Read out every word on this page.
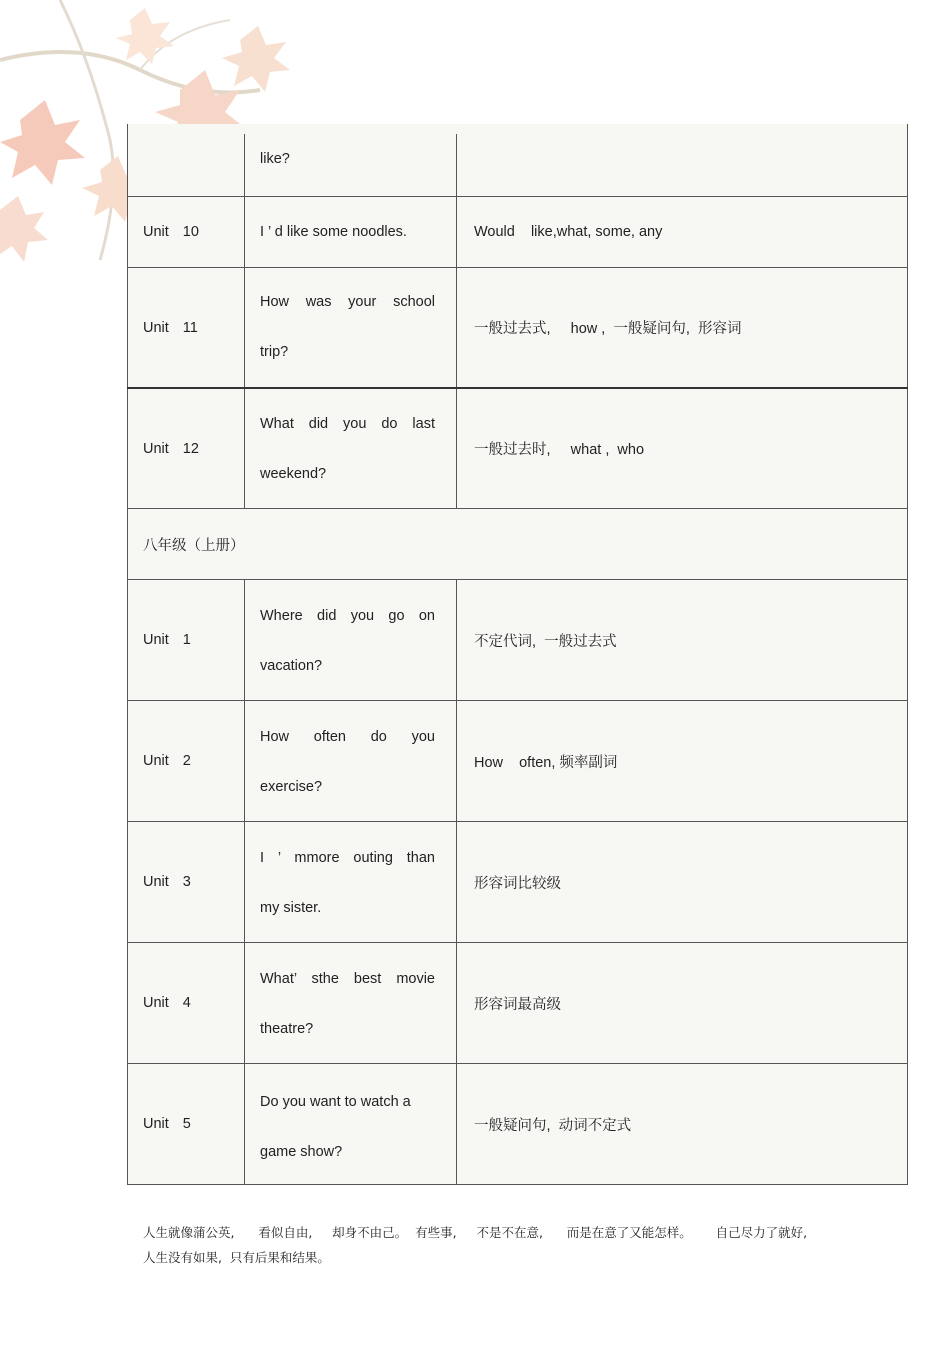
like?
Unit 10	I ’ d like some noodles.	Would    like,what, some, any
Unit 11
How was your school
trip?
一般过去式,     how ,  一般疑问句,  形容词
Unit 12
What did you do last
weekend?
一般过去时,     what ,  who
八年级（上册）
Unit 1
Where did you go on
vacation?
不定代词,  一般过去式
Unit 2
How often do you
exercise?
How    often, 频率副词
Unit 3
I ’ mmore outing than
my sister.
形容词比较级
Unit 4
What’ sthe best movie
theatre?
形容词最高级
Unit 5
Do you want to watch a
game show?
一般疑问句,  动词不定式

人生就像蒲公英,      看似自由,     却身不由己。  有些事,     不是不在意,      而是在意了又能怎样。      自己尽力了就好,

人生没有如果,  只有后果和结果。
